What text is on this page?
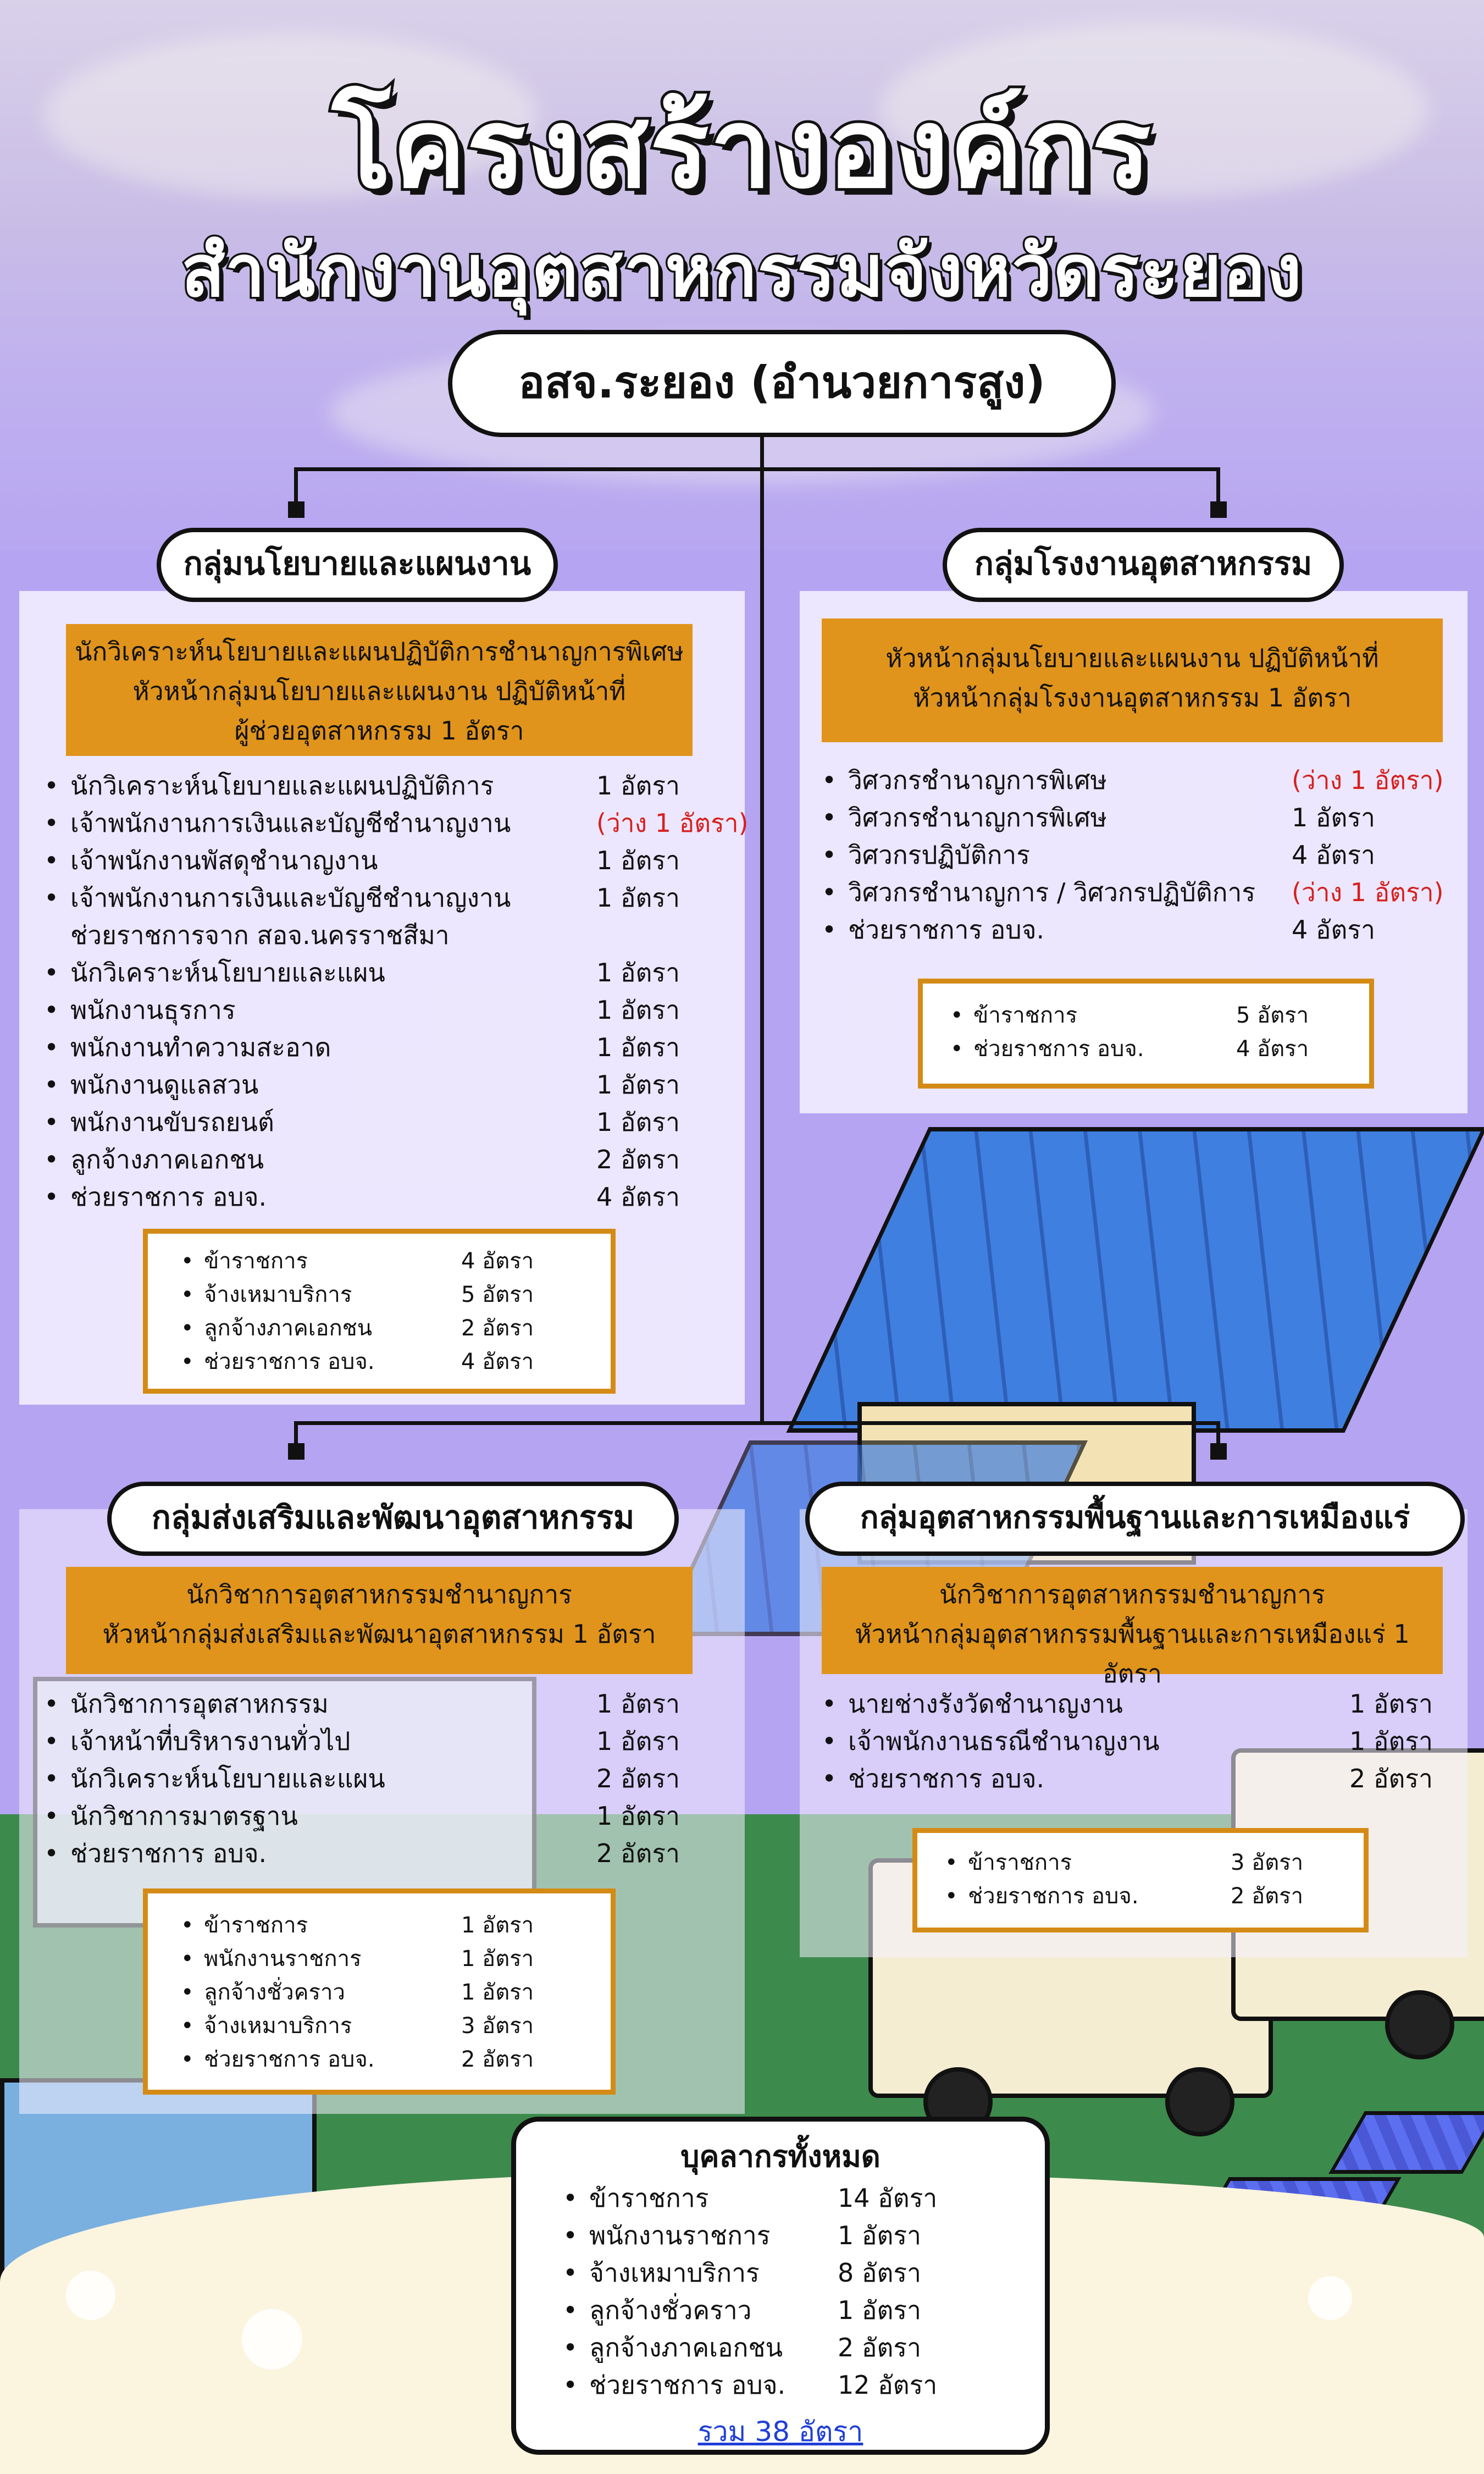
โครงสร้างองค์กร
สำนักงานอุตสาหกรรมจังหวัดระยอง
อสจ.ระยอง (อำนวยการสูง)
นักวิเคราะห์นโยบายและแผนปฏิบัติการชำนาญการพิเศษ
หัวหน้ากลุ่มนโยบายและแผนงาน ปฏิบัติหน้าที่
ผู้ช่วยอุตสาหกรรม 1 อัตรา
• นักวิเคราะห์นโยบายและแผนปฏิบัติการ	1 อัตรา
• เจ้าพนักงานการเงินและบัญชีชำนาญงาน	(ว่าง 1 อัตรา)
• เจ้าพนักงานพัสดุชำนาญงาน	1 อัตรา
• เจ้าพนักงานการเงินและบัญชีชำนาญงาน	1 อัตรา
ช่วยราชการจาก สอจ.นครราชสีมา
• นักวิเคราะห์นโยบายและแผน	1 อัตรา
• พนักงานธุรการ	1 อัตรา
• พนักงานทำความสะอาด	1 อัตรา
• พนักงานดูแลสวน	1 อัตรา
• พนักงานขับรถยนต์	1 อัตรา
• ลูกจ้างภาคเอกชน	2 อัตรา
• ช่วยราชการ อบจ.	4 อัตรา
• ข้าราชการ	4 อัตรา
• จ้างเหมาบริการ	5 อัตรา
• ลูกจ้างภาคเอกชน	2 อัตรา
• ช่วยราชการ อบจ.	4 อัตรา
กลุ่มนโยบายและแผนงาน
หัวหน้ากลุ่มนโยบายและแผนงาน ปฏิบัติหน้าที่
หัวหน้ากลุ่มโรงงานอุตสาหกรรม 1 อัตรา
• วิศวกรชำนาญการพิเศษ	(ว่าง 1 อัตรา)
• วิศวกรชำนาญการพิเศษ	1 อัตรา
• วิศวกรปฏิบัติการ	4 อัตรา
• วิศวกรชำนาญการ / วิศวกรปฏิบัติการ (ว่าง 1 อัตรา)
• ช่วยราชการ อบจ.	4 อัตรา
• ข้าราชการ	5 อัตรา
• ช่วยราชการ อบจ.	4 อัตรา
กลุ่มโรงงานอุตสาหกรรม
นักวิชาการอุตสาหกรรมชำนาญการ
หัวหน้ากลุ่มส่งเสริมและพัฒนาอุตสาหกรรม 1 อัตรา
• นักวิชาการอุตสาหกรรม	1 อัตรา
• เจ้าหน้าที่บริหารงานทั่วไป	1 อัตรา
• นักวิเคราะห์นโยบายและแผน	2 อัตรา
• นักวิชาการมาตรฐาน	1 อัตรา
• ช่วยราชการ อบจ.	2 อัตรา
• ข้าราชการ	1 อัตรา
• พนักงานราชการ	1 อัตรา
• ลูกจ้างชั่วคราว	1 อัตรา
• จ้างเหมาบริการ	3 อัตรา
• ช่วยราชการ อบจ.	2 อัตรา
กลุ่มส่งเสริมและพัฒนาอุตสาหกรรม
นักวิชาการอุตสาหกรรมชำนาญการ
หัวหน้ากลุ่มอุตสาหกรรมพื้นฐานและการเหมืองแร่ 1 อัตรา
• นายช่างรังวัดชำนาญงาน	1 อัตรา
• เจ้าพนักงานธรณีชำนาญงาน	1 อัตรา
• ช่วยราชการ อบจ.	2 อัตรา
• ข้าราชการ	3 อัตรา
• ช่วยราชการ อบจ.	2 อัตรา
กลุ่มอุตสาหกรรมพื้นฐานและการเหมืองแร่
บุคลากรทั้งหมด
• ข้าราชการ	14 อัตรา
• พนักงานราชการ	1 อัตรา
• จ้างเหมาบริการ	8 อัตรา
• ลูกจ้างชั่วคราว	1 อัตรา
• ลูกจ้างภาคเอกชน 2 อัตรา
• ช่วยราชการ อบจ. 12 อัตรา
รวม 38 อัตรา
